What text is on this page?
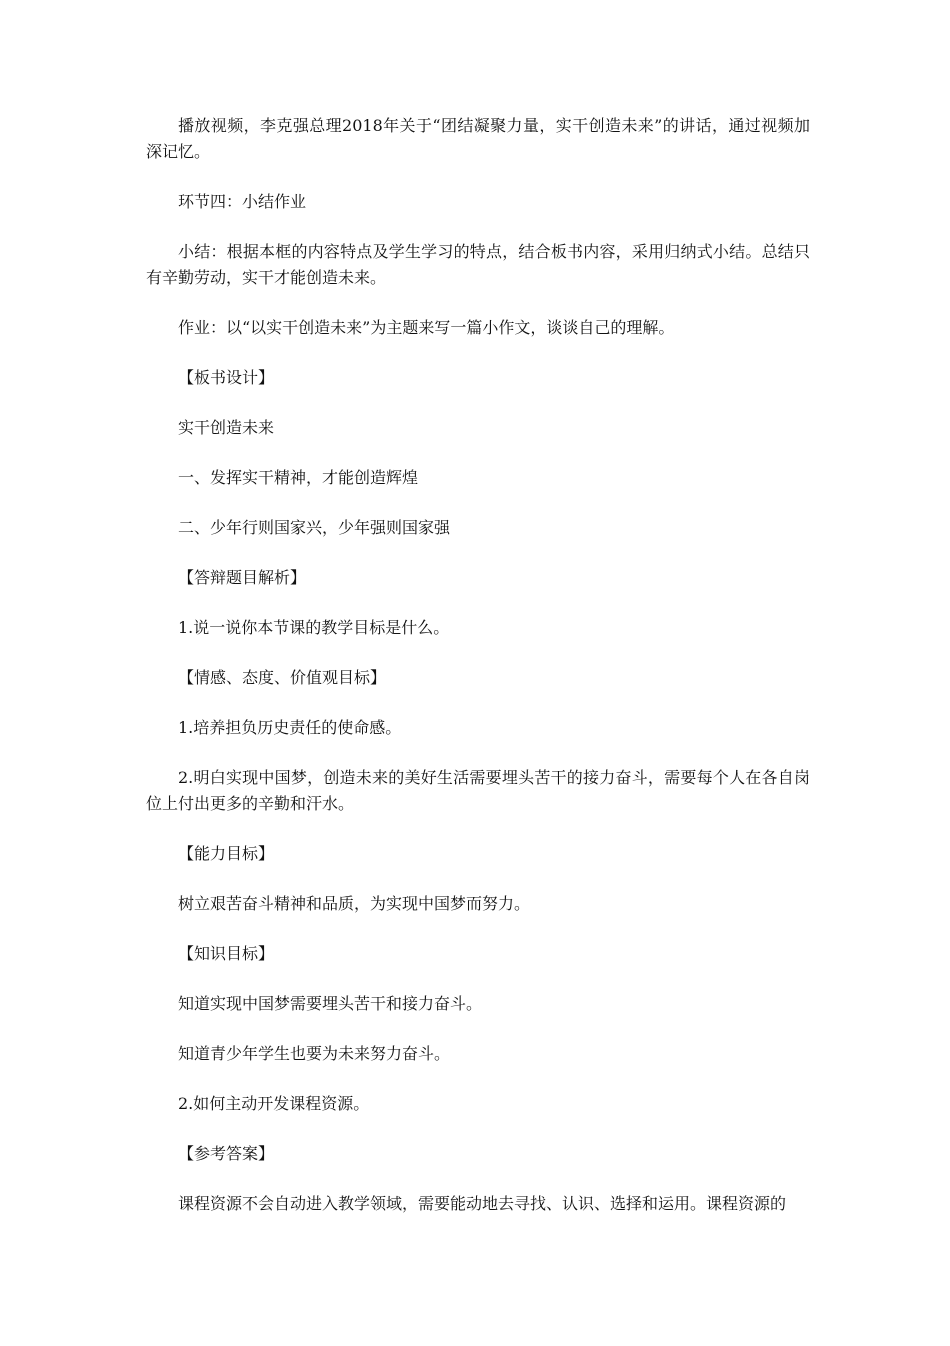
播放视频，李克强总理2018年关于“团结凝聚力量，实干创造未来”的讲话，通过视频加深记忆。

环节四：小结作业

小结：根据本框的内容特点及学生学习的特点，结合板书内容，采用归纳式小结。总结只有辛勤劳动，实干才能创造未来。

作业：以“以实干创造未来”为主题来写一篇小作文，谈谈自己的理解。

【板书设计】

实干创造未来

一、发挥实干精神，才能创造辉煌

二、少年行则国家兴，少年强则国家强

【答辩题目解析】

1.说一说你本节课的教学目标是什么。

【情感、态度、价值观目标】

1.培养担负历史责任的使命感。

2.明白实现中国梦，创造未来的美好生活需要埋头苦干的接力奋斗，需要每个人在各自岗位上付出更多的辛勤和汗水。

【能力目标】

树立艰苦奋斗精神和品质，为实现中国梦而努力。

【知识目标】

知道实现中国梦需要埋头苦干和接力奋斗。

知道青少年学生也要为未来努力奋斗。

2.如何主动开发课程资源。

【参考答案】

课程资源不会自动进入教学领域，需要能动地去寻找、认识、选择和运用。课程资源的
